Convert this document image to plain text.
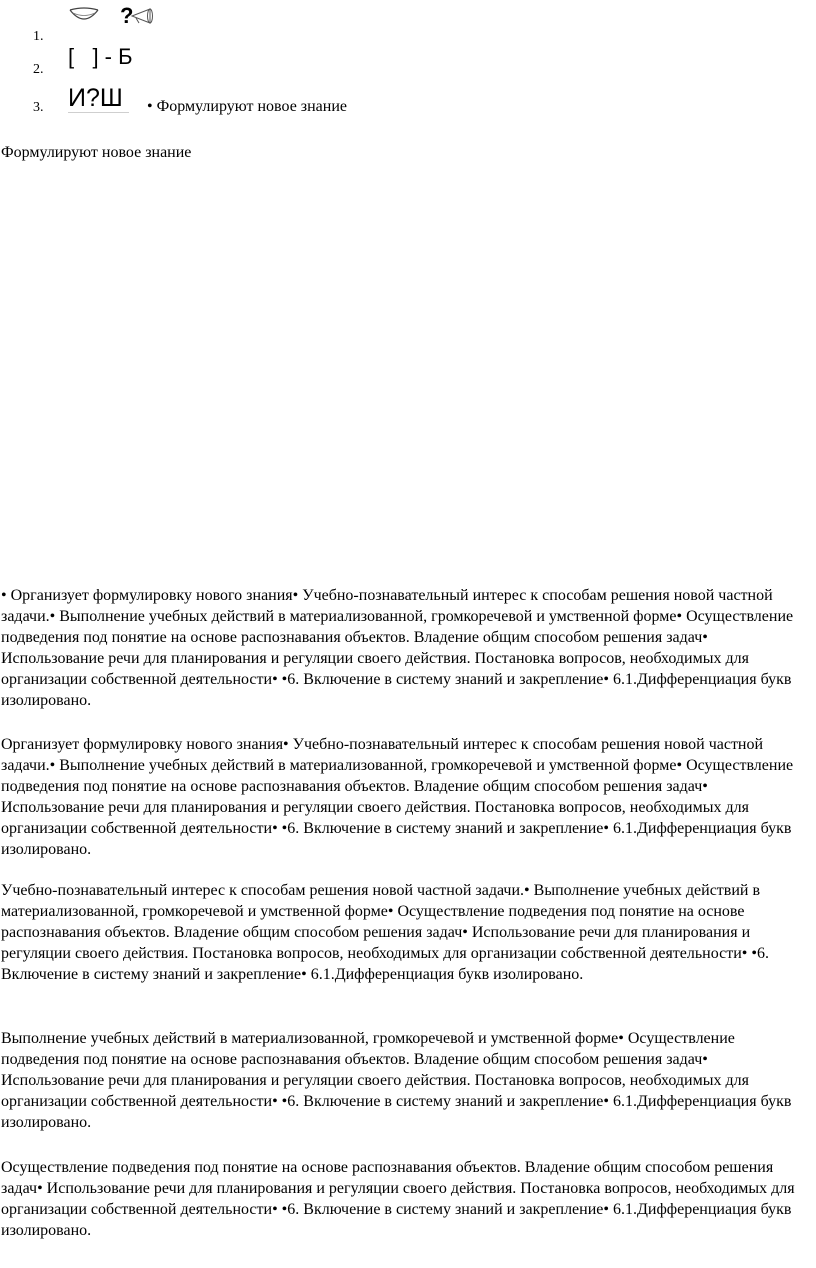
1.
?
2.
[   ] - Б
3. И?Ш	• Формулируют новое знание
Формулируют новое знание

• Организует формулировку нового знания• Учебно-познавательный интерес к способам решения новой частной задачи.• Выполнение учебных действий в материализованной, громкоречевой и умственной форме• Осуществление подведения под понятие на основе распознавания объектов. Владение общим способом решения задач• Использование речи для планирования и регуляции своего действия. Постановка вопросов, необходимых для организации собственной деятельности• •6. Включение в систему знаний и закрепление• 6.1.Дифференциация букв изолировано.

Организует формулировку нового знания• Учебно-познавательный интерес к способам решения новой частной задачи.• Выполнение учебных действий в материализованной, громкоречевой и умственной форме• Осуществление подведения под понятие на основе распознавания объектов. Владение общим способом решения задач• Использование речи для планирования и регуляции своего действия. Постановка вопросов, необходимых для организации собственной деятельности• •6. Включение в систему знаний и закрепление• 6.1.Дифференциация букв изолировано.

Учебно-познавательный интерес к способам решения новой частной задачи.• Выполнение учебных действий в материализованной, громкоречевой и умственной форме• Осуществление подведения под понятие на основе распознавания объектов. Владение общим способом решения задач• Использование речи для планирования и регуляции своего действия. Постановка вопросов, необходимых для организации собственной деятельности• •6. Включение в систему знаний и закрепление• 6.1.Дифференциация букв изолировано.

Выполнение учебных действий в материализованной, громкоречевой и умственной форме• Осуществление подведения под понятие на основе распознавания объектов. Владение общим способом решения задач• Использование речи для планирования и регуляции своего действия. Постановка вопросов, необходимых для организации собственной деятельности• •6. Включение в систему знаний и закрепление• 6.1.Дифференциация букв изолировано.

Осуществление подведения под понятие на основе распознавания объектов. Владение общим способом решения задач• Использование речи для планирования и регуляции своего действия. Постановка вопросов, необходимых для организации собственной деятельности• •6. Включение в систему знаний и закрепление• 6.1.Дифференциация букв изолировано.
